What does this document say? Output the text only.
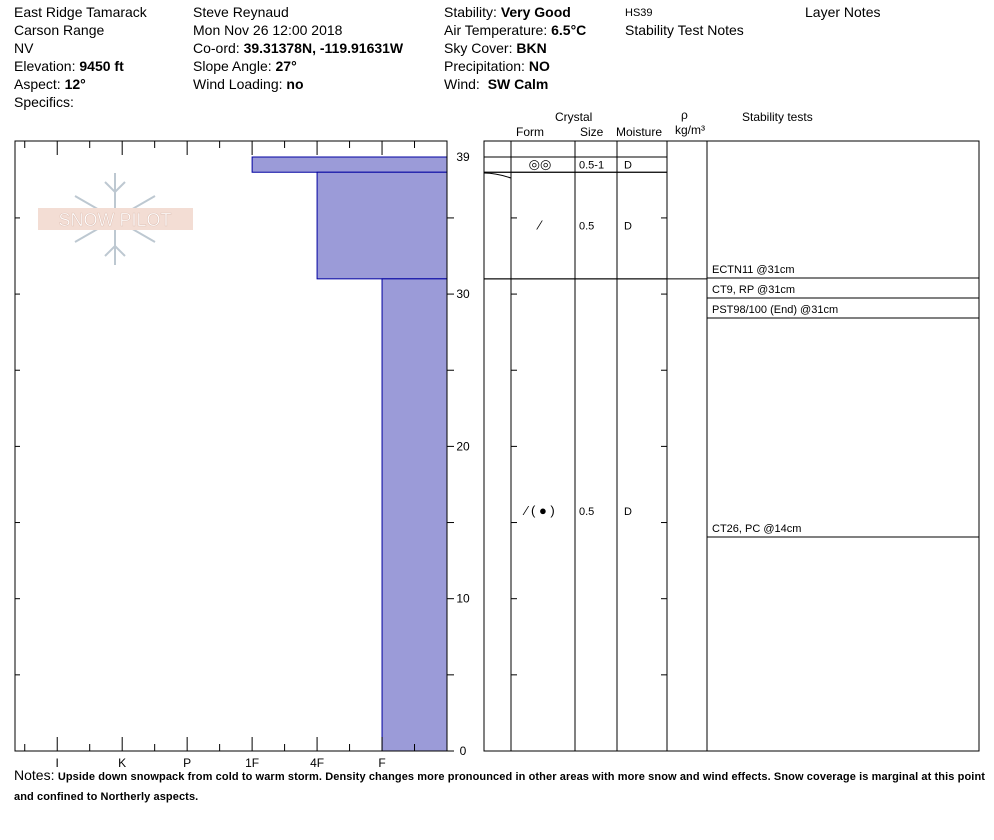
East Ridge Tamarack
Carson Range
NV
Elevation: 9450 ft
Aspect: 12°
Specifics:
Steve Reynaud
Mon Nov 26 12:00 2018
Co-ord: 39.31378N, -119.91631W
Slope Angle: 27°
Wind Loading: no
Stability: Very Good
Air Temperature: 6.5°C
Sky Cover: BKN
Precipitation: NO
Wind: SW Calm
HS39
Stability Test Notes
Layer Notes
Crystal
Form	Size Moisture
ρ
kg/m³
Stability tests
SNOW PILOT
I	K	P	1F	4F	F
0
10
20
30
39	◎◎	0.5-1 D
⁄	0.5	D
⁄ ( ● ) 0.5	D
ECTN11 @31cm
CT9, RP @31cm
PST98/100 (End) @31cm
CT26, PC @14cm
Notes: Upside down snowpack from cold to warm storm. Density changes more pronounced in other areas with more snow and wind effects. Snow coverage is marginal at this point and confined to Northerly aspects.
